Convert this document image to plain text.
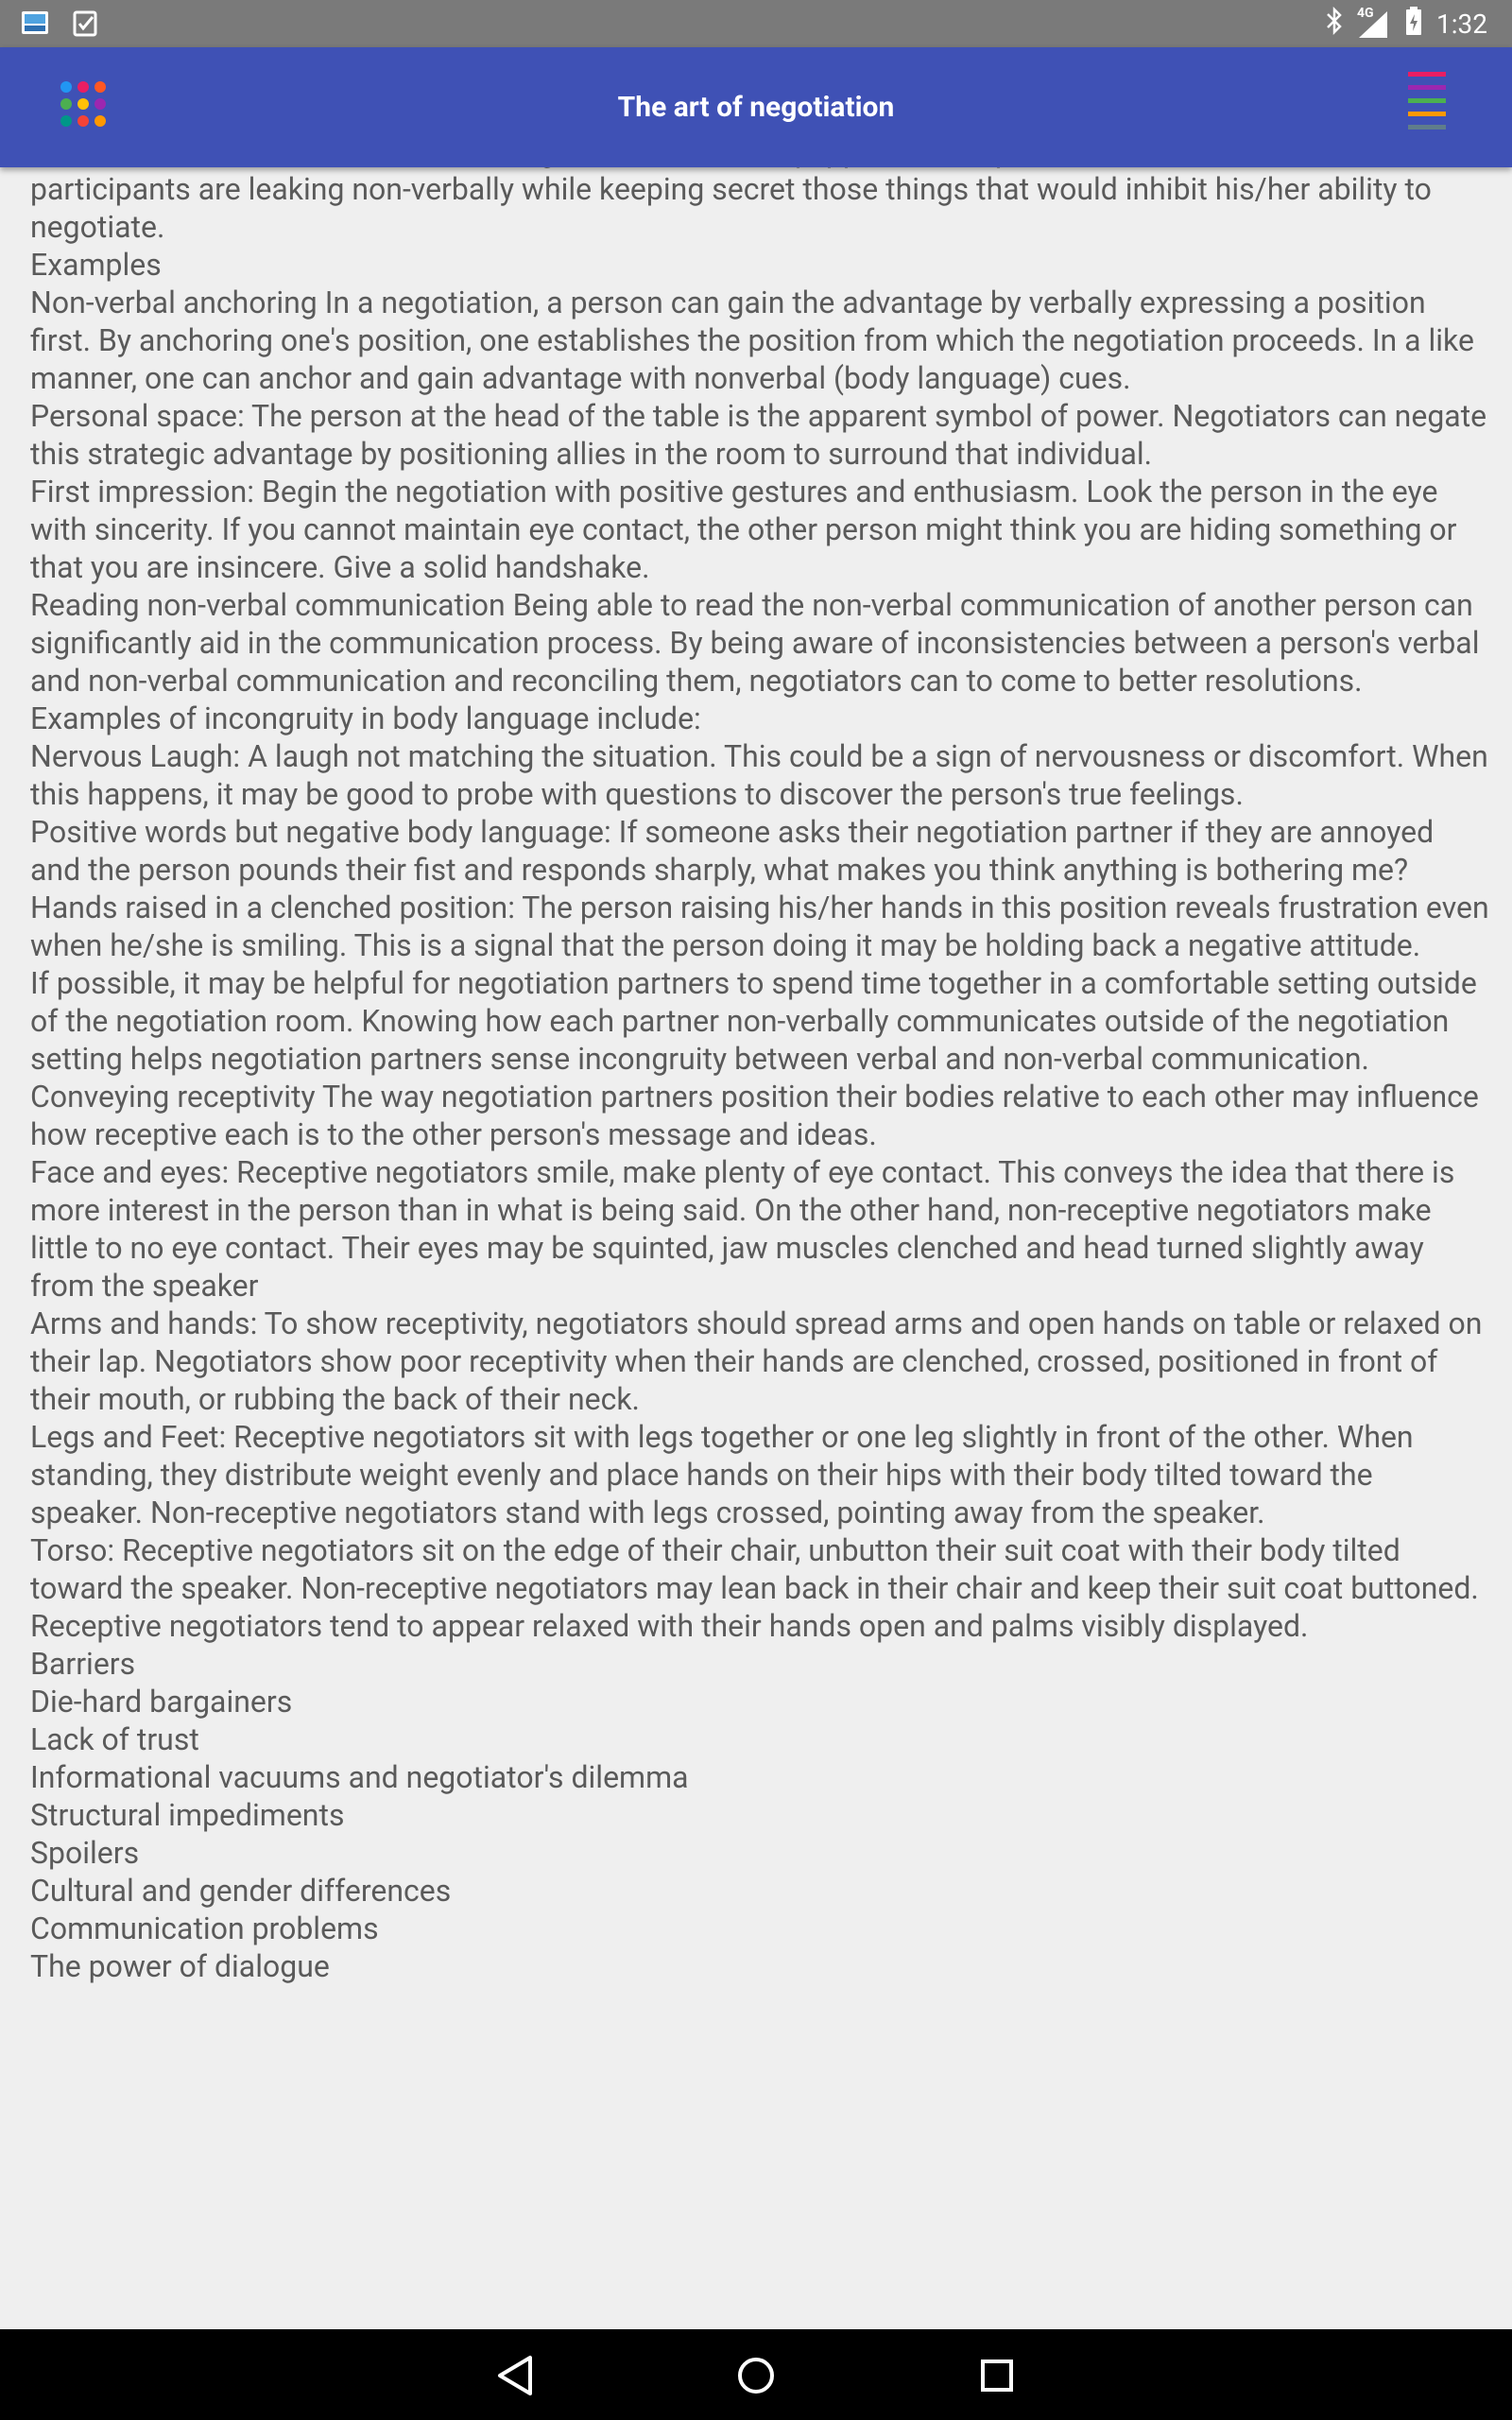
4G 1:32
The art of negotiation

participants are leaking non-verbally while keeping secret those things that would inhibit his/her ability to negotiate.

Examples

Non-verbal anchoring In a negotiation, a person can gain the advantage by verbally expressing a position first. By anchoring one's position, one establishes the position from which the negotiation proceeds. In a like manner, one can anchor and gain advantage with nonverbal (body language) cues.

Personal space: The person at the head of the table is the apparent symbol of power. Negotiators can negate this strategic advantage by positioning allies in the room to surround that individual.

First impression: Begin the negotiation with positive gestures and enthusiasm. Look the person in the eye with sincerity. If you cannot maintain eye contact, the other person might think you are hiding something or that you are insincere. Give a solid handshake.

Reading non-verbal communication Being able to read the non-verbal communication of another person can significantly aid in the communication process. By being aware of inconsistencies between a person's verbal and non-verbal communication and reconciling them, negotiators can to come to better resolutions. Examples of incongruity in body language include:

Nervous Laugh: A laugh not matching the situation. This could be a sign of nervousness or discomfort. When this happens, it may be good to probe with questions to discover the person's true feelings.

Positive words but negative body language: If someone asks their negotiation partner if they are annoyed and the person pounds their fist and responds sharply, what makes you think anything is bothering me?

Hands raised in a clenched position: The person raising his/her hands in this position reveals frustration even when he/she is smiling. This is a signal that the person doing it may be holding back a negative attitude.

If possible, it may be helpful for negotiation partners to spend time together in a comfortable setting outside of the negotiation room. Knowing how each partner non-verbally communicates outside of the negotiation setting helps negotiation partners sense incongruity between verbal and non-verbal communication.

Conveying receptivity The way negotiation partners position their bodies relative to each other may influence how receptive each is to the other person's message and ideas.

Face and eyes: Receptive negotiators smile, make plenty of eye contact. This conveys the idea that there is more interest in the person than in what is being said. On the other hand, non-receptive negotiators make little to no eye contact. Their eyes may be squinted, jaw muscles clenched and head turned slightly away from the speaker

Arms and hands: To show receptivity, negotiators should spread arms and open hands on table or relaxed on their lap. Negotiators show poor receptivity when their hands are clenched, crossed, positioned in front of their mouth, or rubbing the back of their neck.

Legs and Feet: Receptive negotiators sit with legs together or one leg slightly in front of the other. When standing, they distribute weight evenly and place hands on their hips with their body tilted toward the speaker. Non-receptive negotiators stand with legs crossed, pointing away from the speaker.

Torso: Receptive negotiators sit on the edge of their chair, unbutton their suit coat with their body tilted toward the speaker. Non-receptive negotiators may lean back in their chair and keep their suit coat buttoned.

Receptive negotiators tend to appear relaxed with their hands open and palms visibly displayed.

Barriers

Die-hard bargainers

Lack of trust

Informational vacuums and negotiator's dilemma

Structural impediments

Spoilers

Cultural and gender differences

Communication problems

The power of dialogue
